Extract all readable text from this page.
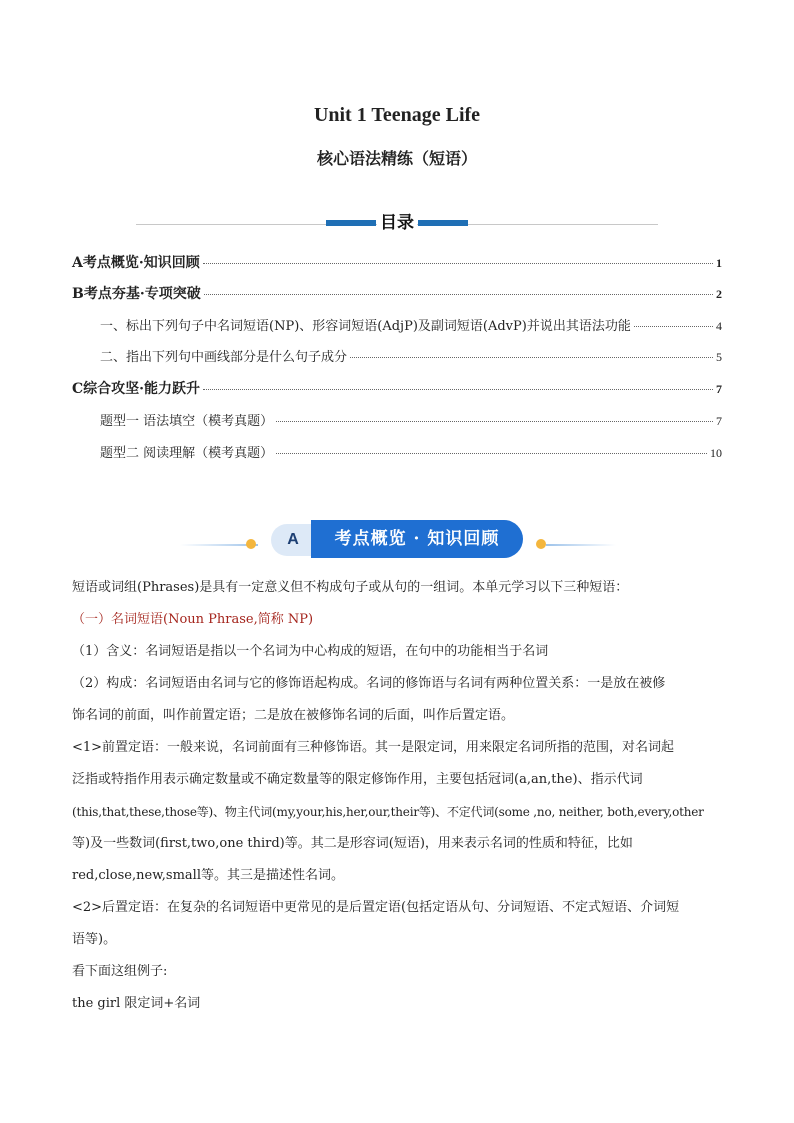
Unit 1 Teenage Life
核心语法精练（短语）
目录
A考点概览·知识回顾	1
B考点夯基·专项突破	2
一、标出下列句子中名词短语(NP)、形容词短语(AdjP)及副词短语(AdvP)并说出其语法功能	4
二、指出下列句中画线部分是什么句子成分	5
C综合攻坚·能力跃升	7
题型一 语法填空（模考真题）	7
题型二 阅读理解（模考真题）	10
A	考点概览 · 知识回顾
短语或词组(Phrases)是具有一定意义但不构成句子或从句的一组词。本单元学习以下三种短语：
（一）名词短语(Noun Phrase,简称 NP)
（1）含义：名词短语是指以一个名词为中心构成的短语，在句中的功能相当于名词
（2）构成：名词短语由名词与它的修饰语起构成。名词的修饰语与名词有两种位置关系：一是放在被修
饰名词的前面，叫作前置定语；二是放在被修饰名词的后面，叫作后置定语。
<1>前置定语：一般来说，名词前面有三种修饰语。其一是限定词，用来限定名词所指的范围，对名词起
泛指或特指作用表示确定数量或不确定数量等的限定修饰作用，主要包括冠词(a,an,the)、指示代词
(this,that,these,those等)、物主代词(my,your,his,her,our,their等)、不定代词(some ,no, neither, both,every,other
等)及一些数词(first,two,one third)等。其二是形容词(短语)，用来表示名词的性质和特征，比如
red,close,new,small等。其三是描述性名词。
<2>后置定语：在复杂的名词短语中更常见的是后置定语(包括定语从句、分词短语、不定式短语、介词短
语等)。
看下面这组例子:
the girl 限定词+名词
